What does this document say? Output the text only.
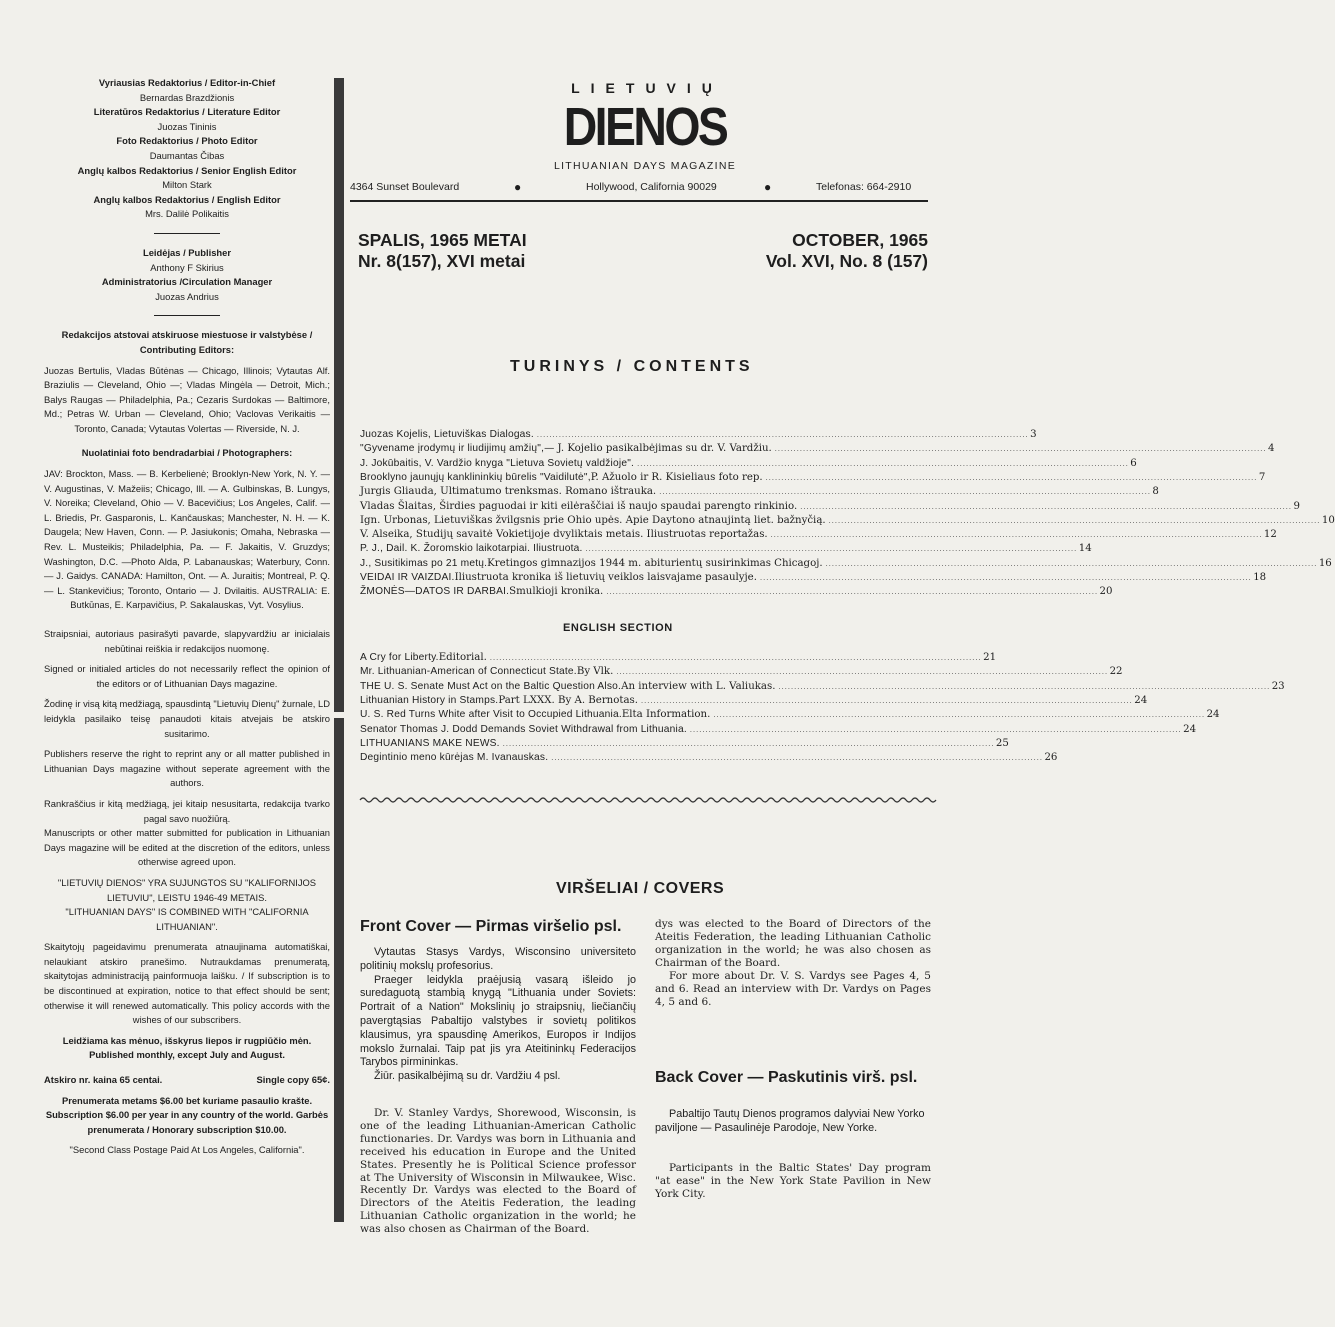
Vyriausias Redaktorius / Editor-in-Chief
Bernardas Brazdžionis
Literatūros Redaktorius / Literature Editor
Juozas Tininis
Foto Redaktorius / Photo Editor
Daumantas Čibas
Anglų kalbos Redaktorius / Senior English Editor
Milton Stark
Anglų kalbos Redaktorius / English Editor
Mrs. Dalilė Polikaitis
Leidėjas / Publisher
Anthony F Skirius
Administratorius /Circulation Manager
Juozas Andrius
Redakcijos atstovai atskiruose miestuose ir valstybėse / Contributing Editors:
Juozas Bertulis, Vladas Būtėnas — Chicago, Illinois; Vytautas Alf. Braziulis — Cleveland, Ohio —; Vladas Mingėla — Detroit, Mich.; Balys Raugas — Philadelphia, Pa.; Cezaris Surdokas — Baltimore, Md.; Petras W. Urban — Cleveland, Ohio; Vaclovas Verikaitis — Toronto, Canada; Vytautas Volertas — Riverside, N. J.
Nuolatiniai foto bendradarbiai / Photographers:
JAV: Brockton, Mass. — B. Kerbelienė; Brooklyn-New York, N. Y. — V. Augustinas, V. Mažeiis; Chicago, Ill. — A. Gulbinskas, B. Lungys, V. Noreika; Cleveland, Ohio — V. Bacevičius; Los Angeles, Calif. — L. Briedis, Pr. Gasparonis, L. Kančauskas; Manchester, N. H. — K. Daugela; New Haven, Conn. — P. Jasiukonis; Omaha, Nebraska — Rev. L. Musteikis; Philadelphia, Pa. — F. Jakaitis, V. Gruzdys; Washington, D.C. —Photo Alda, P. Labanauskas; Waterbury, Conn. — J. Gaidys. CANADA: Hamilton, Ont. — A. Juraitis; Montreal, P. Q. — L. Stankevičius; Toronto, Ontario — J. Dvilaitis. AUSTRALIA: E. Butkūnas, E. Karpavičius, P. Sakalauskas, Vyt. Vosylius.
Straipsniai, autoriaus pasirašyti pavarde, slapyvardžiu ar inicialais nebūtinai reiškia ir redakcijos nuomonę.
Signed or initialed articles do not necessarily reflect the opinion of the editors or of Lithuanian Days magazine.
Žodinę ir visą kitą medžiagą, spausdintą "Lietuvių Dienų" žurnale, LD leidykla pasilaiko teisę panaudoti kitais atvejais be atskiro susitarimo.
Publishers reserve the right to reprint any or all matter published in Lithuanian Days magazine without seperate agreement with the authors.
Rankraščius ir kitą medžiagą, jei kitaip nesusitarta, redakcija tvarko pagal savo nuožiūrą.
Manuscripts or other matter submitted for publication in Lithuanian Days magazine will be edited at the discretion of the editors, unless otherwise agreed upon.
"LIETUVIŲ DIENOS" YRA SUJUNGTOS SU "KALIFORNIJOS LIETUVIU", LEISTU 1946-49 METAIS.
"LITHUANIAN DAYS" IS COMBINED WITH "CALIFORNIA LITHUANIAN".
Skaitytojų pageidavimu prenumerata atnaujinama automatiškai, nelaukiant atskiro pranešimo. Nutraukdamas prenumeratą, skaitytojas administraciją painformuoja laišku. / If subscription is to be discontinued at expiration, notice to that effect should be sent; otherwise it will renewed automatically. This policy accords with the wishes of our subscribers.
Leidžiama kas mėnuo, išskyrus liepos ir rugpiūčio mėn. Published monthly, except July and August.
Atskiro nr. kaina 65 centai.	Single copy 65¢.
Prenumerata metams $6.00 bet kuriame pasaulio krašte. Subscription $6.00 per year in any country of the world. Garbės prenumerata / Honorary subscription $10.00.
"Second Class Postage Paid At Los Angeles, California".
LIETUVIŲ
DIENOS
LITHUANIAN DAYS MAGAZINE
4364 Sunset Boulevard	●	Hollywood, California 90029	●	Telefonas: 664-2910
SPALIS, 1965 METAI
Nr. 8(157), XVI metai
OCTOBER, 1965
Vol. XVI, No. 8 (157)
TURINYS / CONTENTS
Juozas Kojelis, Lietuviškas Dialogas. . . .	3
"Gyvename įrodymų ir liudijimų amžių", — J. Kojelio pasikalbėjimas su dr. V. Vardžiu. . . .	4
J. Jokūbaitis, V. Vardžio knyga "Lietuva Sovietų valdžioje". . . .	6
Brooklyno jaunųjų kanklininkių būrelis "Vaidilutė", P. Ažuolo ir R. Kisieliaus foto rep. . . .	7
Jurgis Gliauda, Ultimatumo trenksmas. Romano ištrauka. . . .	8
Vladas Šlaitas, Širdies paguodai ir kiti eilėraščiai iš naujo spaudai parengto rinkinio. . . .	9
Ign. Urbonas, Lietuviškas žvilgsnis prie Ohio upės. Apie Daytono atnaujintą liet. bažnyčią. . . .	10
V. Alseika, Studijų savaitė Vokietijoje dvyliktais metais. Iliustruotas reportažas. . . .	12
P. J., Dail. K. Žoromskio laikotarpiai. Iliustruota. . . .	14
J., Susitikimas po 21 metų. Kretingos gimnazijos 1944 m. abiturientų susirinkimas Chicagoj. . . .	16
VEIDAI IR VAIZDAI. Iliustruota kronika iš lietuvių veiklos laisvajame pasaulyje. . . .	18
ŽMONĖS—DATOS IR DARBAI. Smulkioji kronika. . . .	20
ENGLISH SECTION
A Cry for Liberty. Editorial. . . .	21
Mr. Lithuanian-American of Connecticut State. By Vlk. . . .	22
THE U. S. Senate Must Act on the Baltic Question Also. An interview with L. Valiukas. . . .	23
Lithuanian History in Stamps. Part LXXX. By A. Bernotas. . . .	24
U. S. Red Turns White after Visit to Occupied Lithuania. Elta Information. . . .	24
Senator Thomas J. Dodd Demands Soviet Withdrawal from Lithuania. . . .	24
LITHUANIANS MAKE NEWS. . . .	25
Degintinio meno kūrėjas M. Ivanauskas. . . .	26
VIRŠELIAI / COVERS
Front Cover — Pirmas viršelio psl.

Vytautas Stasys Vardys, Wisconsino universiteto politinių mokslų profesorius.

Praeger leidykla praėjusią vasarą išleido jo suredaguotą stambią knygą "Lithuania under Soviets: Portrait of a Nation" Mokslinių jo straipsnių, liečiančių pavergtąsias Pabaltijo valstybes ir sovietų politikos klausimus, yra spausdinę Amerikos, Europos ir Indijos mokslo žurnalai. Taip pat jis yra Ateitininkų Federacijos Tarybos pirmininkas.

Žiūr. pasikalbėjimą su dr. Vardžiu 4 psl.

Dr. V. Stanley Vardys, Shorewood, Wisconsin, is one of the leading Lithuanian-American Catholic functionaries. Dr. Vardys was born in Lithuania and received his education in Europe and the United States. Presently he is Political Science professor at The University of Wisconsin in Milwaukee, Wisc. Recently Dr. Vardys was elected to the Board of Directors of the Ateitis Federation, the leading Lithuanian Catholic organization in the world; he was also chosen as Chairman of the Board.

dys was elected to the Board of Directors of the Ateitis Federation, the leading Lithuanian Catholic organization in the world; he was also chosen as Chairman of the Board.

For more about Dr. V. S. Vardys see Pages 4, 5 and 6. Read an interview with Dr. Vardys on Pages 4, 5 and 6.

Back Cover — Paskutinis virš. psl.

Pabaltijo Tautų Dienos programos dalyviai New Yorko paviljone — Pasaulinėje Parodoje, New Yorke.

Participants in the Baltic States' Day program "at ease" in the New York State Pavilion in New York City.
